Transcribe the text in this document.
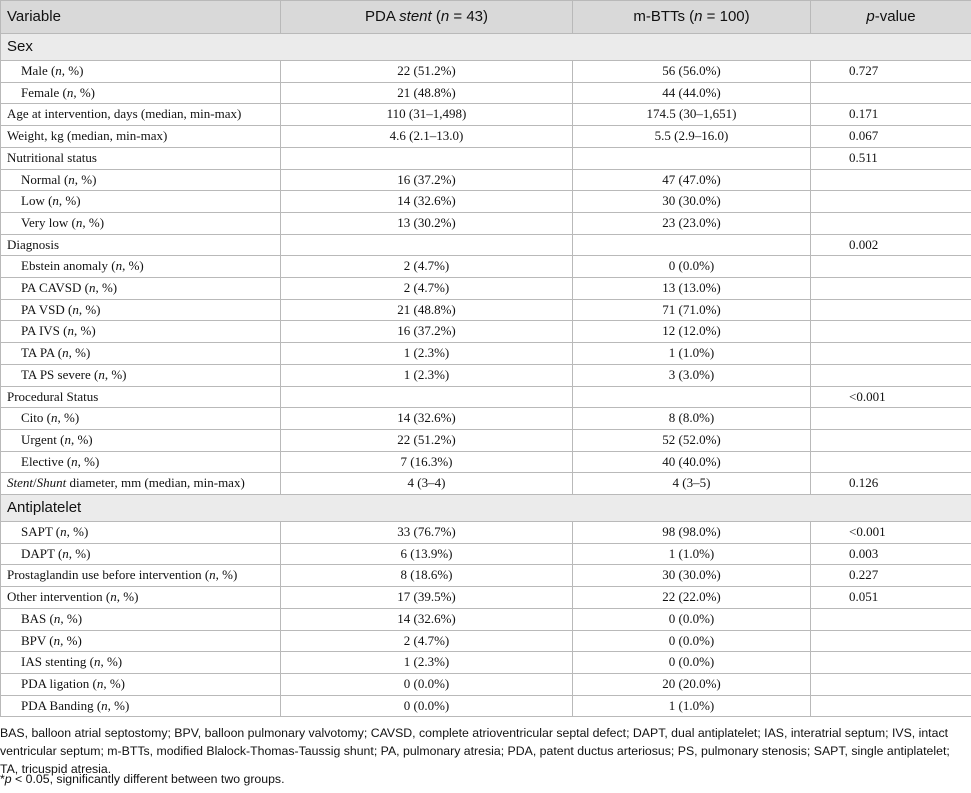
Variable	PDA stent (n = 43)	m-BTTs (n = 100)	p-value
Sex			
Male (n, %)	22 (51.2%)	56 (56.0%)	0.727
Female (n, %)	21 (48.8%)	44 (44.0%)	
Age at intervention, days (median, min-max)	110 (31–1,498)	174.5 (30–1,651)	0.171
Weight, kg (median, min-max)	4.6 (2.1–13.0)	5.5 (2.9–16.0)	0.067
Nutritional status			0.511
Normal (n, %)	16 (37.2%)	47 (47.0%)	
Low (n, %)	14 (32.6%)	30 (30.0%)	
Very low (n, %)	13 (30.2%)	23 (23.0%)	
Diagnosis			0.002
Ebstein anomaly (n, %)	2 (4.7%)	0 (0.0%)	
PA CAVSD (n, %)	2 (4.7%)	13 (13.0%)	
PA VSD (n, %)	21 (48.8%)	71 (71.0%)	
PA IVS (n, %)	16 (37.2%)	12 (12.0%)	
TA PA (n, %)	1 (2.3%)	1 (1.0%)	
TA PS severe (n, %)	1 (2.3%)	3 (3.0%)	
Procedural Status			<0.001
Cito (n, %)	14 (32.6%)	8 (8.0%)	
Urgent (n, %)	22 (51.2%)	52 (52.0%)	
Elective (n, %)	7 (16.3%)	40 (40.0%)	
Stent/Shunt diameter, mm (median, min-max)	4 (3–4)	4 (3–5)	0.126
Antiplatelet			
SAPT (n, %)	33 (76.7%)	98 (98.0%)	<0.001
DAPT (n, %)	6 (13.9%)	1 (1.0%)	0.003
Prostaglandin use before intervention (n, %)	8 (18.6%)	30 (30.0%)	0.227
Other intervention (n, %)	17 (39.5%)	22 (22.0%)	0.051
BAS (n, %)	14 (32.6%)	0 (0.0%)	
BPV (n, %)	2 (4.7%)	0 (0.0%)	
IAS stenting (n, %)	1 (2.3%)	0 (0.0%)	
PDA ligation (n, %)	0 (0.0%)	20 (20.0%)	
PDA Banding (n, %)	0 (0.0%)	1 (1.0%)	
BAS, balloon atrial septostomy; BPV, balloon pulmonary valvotomy; CAVSD, complete atrioventricular septal defect; DAPT, dual antiplatelet; IAS, interatrial septum; IVS, intact ventricular septum; m-BTTs, modified Blalock-Thomas-Taussig shunt; PA, pulmonary atresia; PDA, patent ductus arteriosus; PS, pulmonary stenosis; SAPT, single antiplatelet; TA, tricuspid atresia.
*p < 0.05, significantly different between two groups.
